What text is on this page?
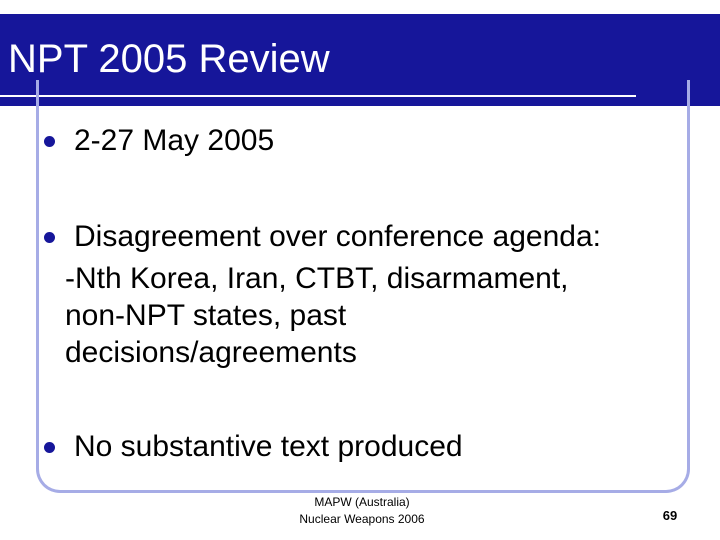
NPT 2005 Review
2-27 May 2005
Disagreement over conference agenda:
-Nth Korea, Iran, CTBT, disarmament,
non-NPT states, past
decisions/agreements
No substantive text produced
MAPW (Australia)
Nuclear Weapons 2006	69
